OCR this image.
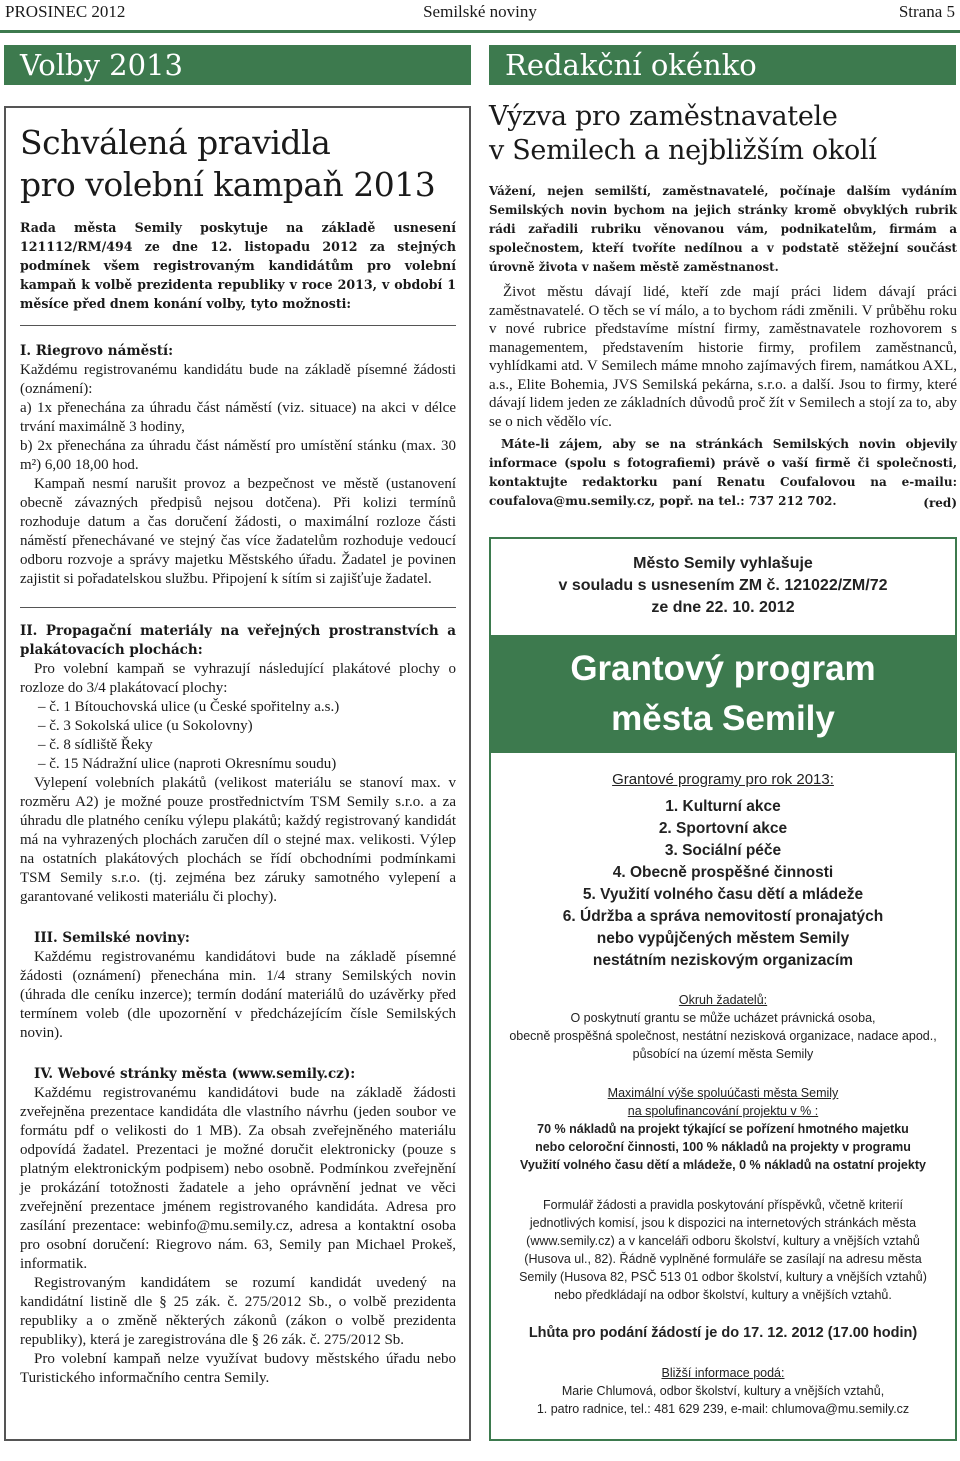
PROSINEC 2012	Semilské noviny	Strana 5
Volby 2013	Redakční okénko
Schválená pravidla
pro volební kampaň 2013

Rada města Semily poskytuje na základě usnesení 121112/RM/494 ze dne 12. listopadu 2012 za stejných podmínek všem registrovaným kandidátům pro volební kampaň k volbě prezidenta republiky v roce 2013, v období 1 měsíce před dnem konání volby, tyto možnosti:

I. Riegrovo náměstí:

Každému registrovanému kandidátu bude na základě písemné žádosti (oznámení):

a) 1x přenechána za úhradu část náměstí (viz. situace) na akci v délce trvání maximálně 3 hodiny,

b) 2x přenechána za úhradu část náměstí pro umístění stánku (max. 30 m²) 6,00 18,00 hod.

Kampaň nesmí narušit provoz a bezpečnost ve městě (ustanovení obecně závazných předpisů nejsou dotčena). Při kolizi termínů rozhoduje datum a čas doručení žádosti, o maximální rozloze části náměstí přenechávané ve stejný čas více žadatelům rozhoduje vedoucí odboru rozvoje a správy majetku Městského úřadu. Žadatel je povinen zajistit si pořadatelskou službu. Připojení k sítím si zajišťuje žadatel.

II. Propagační materiály na veřejných prostranstvích a plakátovacích plochách:

Pro volební kampaň se vyhrazují následující plakátové plochy o rozloze do 3/4 plakátovací plochy:

– č. 1 Bítouchovská ulice (u České spořitelny a.s.)
– č. 3 Sokolská ulice (u Sokolovny)
– č. 8 sídliště Řeky
– č. 15 Nádražní ulice (naproti Okresnímu soudu)

Vylepení volebních plakátů (velikost materiálu se stanoví max. v rozměru A2) je možné pouze prostřednictvím TSM Semily s.r.o. a za úhradu dle platného ceníku výlepu plakátů; každý registrovaný kandidát má na vyhrazených plochách zaručen díl o stejné max. velikosti. Výlep na ostatních plakátových plochách se řídí obchodními podmínkami TSM Semily s.r.o. (tj. zejména bez záruky samotného vylepení a garantované velikosti materiálu či plochy).

III. Semilské noviny:

Každému registrovanému kandidátovi bude na základě písemné žádosti (oznámení) přenechána min. 1/4 strany Semilských novin (úhrada dle ceníku inzerce); termín dodání materiálů do uzávěrky před termínem voleb (dle upozornění v předcházejícím čísle Semilských novin).

IV. Webové stránky města (www.semily.cz):

Každému registrovanému kandidátovi bude na základě žádosti zveřejněna prezentace kandidáta dle vlastního návrhu (jeden soubor ve formátu pdf o velikosti do 1 MB). Za obsah zveřejněného materiálu odpovídá žadatel. Prezentaci je možné doručit elektronicky (pouze s platným elektronickým podpisem) nebo osobně. Podmínkou zveřejnění je prokázání totožnosti žadatele a jeho oprávnění jednat ve věci zveřejnění prezentace jménem registrovaného kandidáta. Adresa pro zasílání prezentace: webinfo@mu.semily.cz, adresa a kontaktní osoba pro osobní doručení: Riegrovo nám. 63, Semily pan Michael Prokeš, informatik.

Registrovaným kandidátem se rozumí kandidát uvedený na kandidátní listině dle § 25 zák. č. 275/2012 Sb., o volbě prezidenta republiky a o změně některých zákonů (zákon o volbě prezidenta republiky), která je zaregistrována dle § 26 zák. č. 275/2012 Sb.

Pro volební kampaň nelze využívat budovy městského úřadu nebo Turistického informačního centra Semily.

Výzva pro zaměstnavatele
v Semilech a nejbližším okolí

Vážení, nejen semilští, zaměstnavatelé, počínaje dalším vydáním Semilských novin bychom na jejich stránky kromě obvyklých rubrik rádi zařadili rubriku věnovanou vám, podnikatelům, firmám a společnostem, kteří tvoříte nedílnou a v podstatě stěžejní součást úrovně života v našem městě zaměstnanost.

Život městu dávají lidé, kteří zde mají práci lidem dávají práci zaměstnavatelé. O těch se ví málo, a to bychom rádi změnili. V průběhu roku v nové rubrice představíme místní firmy, zaměstnavatele rozhovorem s managementem, představením historie firmy, profilem zaměstnanců, vyhlídkami atd. V Semilech máme mnoho zajímavých firem, namátkou AXL, a.s., Elite Bohemia, JVS Semilská pekárna, s.r.o. a další. Jsou to firmy, které dávají lidem jeden ze základních důvodů proč žít v Semilech a stojí za to, aby se o nich vědělo víc.

Máte-li zájem, aby se na stránkách Semilských novin objevily informace (spolu s fotografiemi) právě o vaší firmě či společnosti, kontaktujte redaktorku paní Renatu Coufalovou na e-mailu: coufalova@mu.semily.cz, popř. na tel.: 737 212 702.	(red)

Město Semily vyhlašuje
v souladu s usnesením ZM č. 121022/ZM/72
ze dne 22. 10. 2012
Grantový program
města Semily
Grantové programy pro rok 2013:
1. Kulturní akce
2. Sportovní akce
3. Sociální péče
4. Obecně prospěšné činnosti
5. Využití volného času dětí a mládeže
6. Údržba a správa nemovitostí pronajatých
nebo vypůjčených městem Semily
nestátním neziskovým organizacím
Okruh žadatelů:
O poskytnutí grantu se může ucházet právnická osoba,
obecně prospěšná společnost, nestátní nezisková organizace, nadace apod.,
působící na území města Semily
Maximální výše spoluúčasti města Semily
na spolufinancování projektu v % :
70 % nákladů na projekt týkající se pořízení hmotného majetku
nebo celoroční činnosti, 100 % nákladů na projekty v programu
Využití volného času dětí a mládeže, 0 % nákladů na ostatní projekty
Formulář žádosti a pravidla poskytování příspěvků, včetně kriterií
jednotlivých komisí, jsou k dispozici na internetových stránkách města
(www.semily.cz) a v kanceláři odboru školství, kultury a vnějších vztahů
(Husova ul., 82). Řádně vyplněné formuláře se zasílají na adresu města
Semily (Husova 82, PSČ 513 01 odbor školství, kultury a vnějších vztahů)
nebo předkládají na odbor školství, kultury a vnějších vztahů.
Lhůta pro podání žádostí je do 17. 12. 2012 (17.00 hodin)
Bližší informace podá:
Marie Chlumová, odbor školství, kultury a vnějších vztahů,
1. patro radnice, tel.: 481 629 239, e-mail: chlumova@mu.semily.cz
